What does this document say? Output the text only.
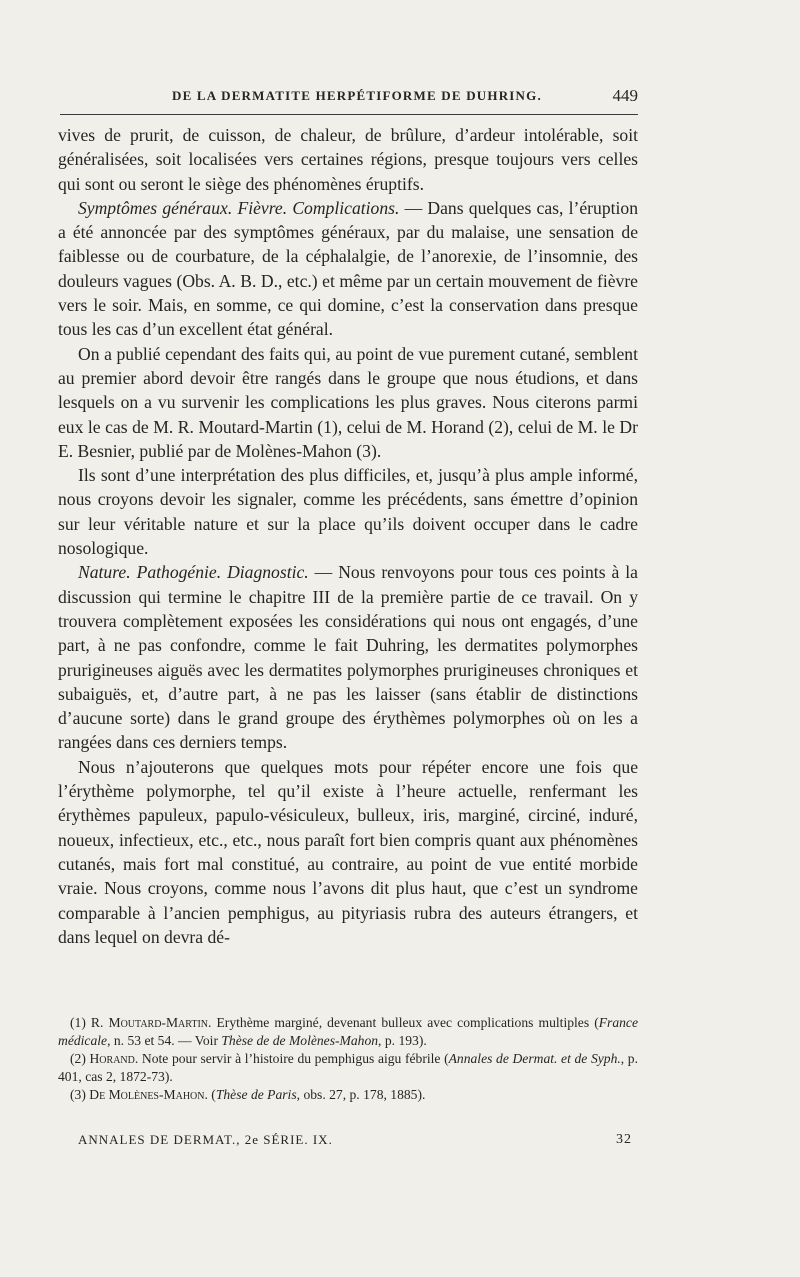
DE LA DERMATITE HERPÉTIFORME DE DUHRING.	449

vives de prurit, de cuisson, de chaleur, de brûlure, d’ardeur intolérable, soit généralisées, soit localisées vers certaines régions, presque toujours vers celles qui sont ou seront le siège des phénomènes éruptifs.

Symptômes généraux. Fièvre. Complications. — Dans quelques cas, l’éruption a été annoncée par des symptômes généraux, par du malaise, une sensation de faiblesse ou de courbature, de la céphalalgie, de l’anorexie, de l’insomnie, des douleurs vagues (Obs. A. B. D., etc.) et même par un certain mouvement de fièvre vers le soir. Mais, en somme, ce qui domine, c’est la conservation dans presque tous les cas d’un excellent état général.

On a publié cependant des faits qui, au point de vue purement cutané, semblent au premier abord devoir être rangés dans le groupe que nous étudions, et dans lesquels on a vu survenir les complications les plus graves. Nous citerons parmi eux le cas de M. R. Moutard-Martin (1), celui de M. Horand (2), celui de M. le Dr E. Besnier, publié par de Molènes-Mahon (3).

Ils sont d’une interprétation des plus difficiles, et, jusqu’à plus ample informé, nous croyons devoir les signaler, comme les précédents, sans émettre d’opinion sur leur véritable nature et sur la place qu’ils doivent occuper dans le cadre nosologique.

Nature. Pathogénie. Diagnostic. — Nous renvoyons pour tous ces points à la discussion qui termine le chapitre III de la première partie de ce travail. On y trouvera complètement exposées les considérations qui nous ont engagés, d’une part, à ne pas confondre, comme le fait Duhring, les dermatites polymorphes prurigineuses aiguës avec les dermatites polymorphes prurigineuses chroniques et subaiguës, et, d’autre part, à ne pas les laisser (sans établir de distinctions d’aucune sorte) dans le grand groupe des érythèmes polymorphes où on les a rangées dans ces derniers temps.

Nous n’ajouterons que quelques mots pour répéter encore une fois que l’érythème polymorphe, tel qu’il existe à l’heure actuelle, renfermant les érythèmes papuleux, papulo-vésiculeux, bulleux, iris, marginé, circiné, induré, noueux, infectieux, etc., etc., nous paraît fort bien compris quant aux phénomènes cutanés, mais fort mal constitué, au contraire, au point de vue entité morbide vraie. Nous croyons, comme nous l’avons dit plus haut, que c’est un syndrome comparable à l’ancien pemphigus, au pityriasis rubra des auteurs étrangers, et dans lequel on devra dé-

(1) R. Moutard-Martin. Erythème marginé, devenant bulleux avec complications multiples (France médicale, n. 53 et 54. — Voir Thèse de de Molènes-Mahon, p. 193).

(2) Horand. Note pour servir à l’histoire du pemphigus aigu fébrile (Annales de Dermat. et de Syph., p. 401, cas 2, 1872-73).

(3) De Molènes-Mahon. (Thèse de Paris, obs. 27, p. 178, 1885).

ANNALES DE DERMAT., 2e SÉRIE. IX.	32
